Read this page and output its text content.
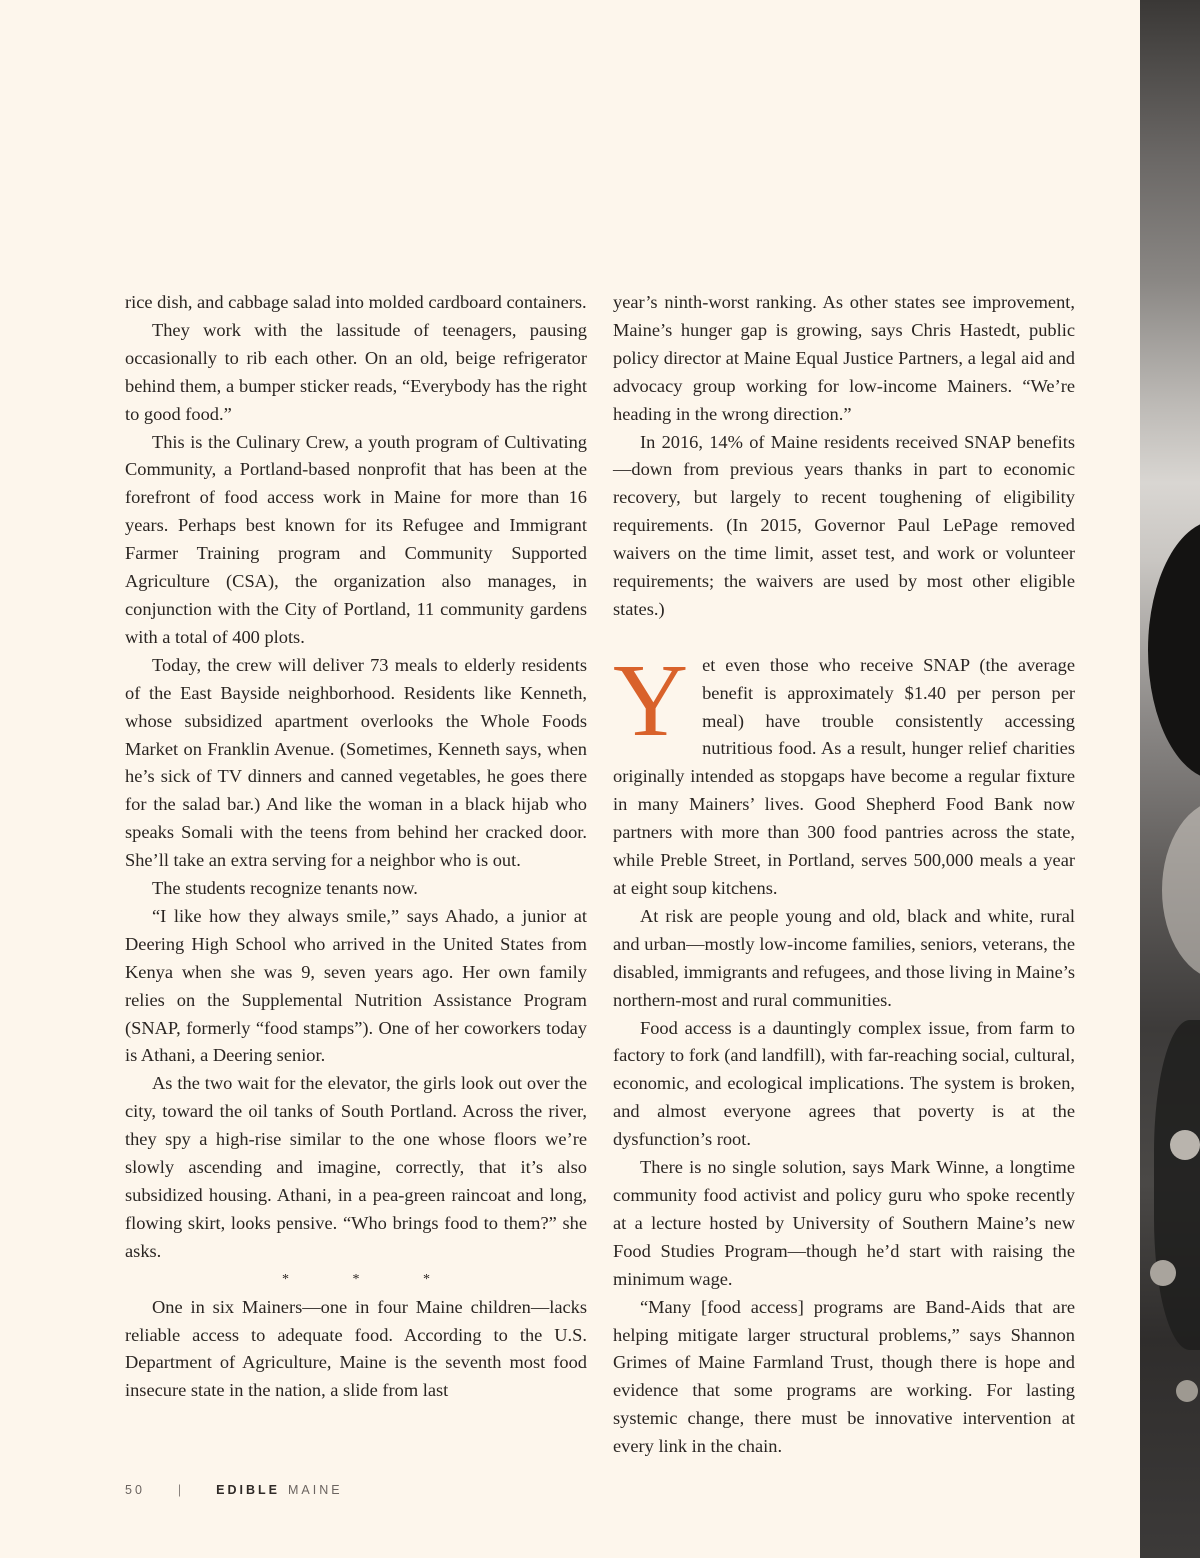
rice dish, and cabbage salad into molded cardboard containers.

They work with the lassitude of teenagers, pausing occasionally to rib each other. On an old, beige refrigerator behind them, a bumper sticker reads, “Everybody has the right to good food.”

This is the Culinary Crew, a youth program of Cultivating Community, a Portland-based nonprofit that has been at the forefront of food access work in Maine for more than 16 years. Perhaps best known for its Refugee and Immigrant Farmer Training program and Community Supported Agriculture (CSA), the organization also manages, in conjunction with the City of Portland, 11 community gardens with a total of 400 plots.

Today, the crew will deliver 73 meals to elderly residents of the East Bayside neighborhood. Residents like Kenneth, whose subsidized apartment overlooks the Whole Foods Market on Franklin Avenue. (Sometimes, Kenneth says, when he’s sick of TV dinners and canned vegetables, he goes there for the salad bar.) And like the woman in a black hijab who speaks Somali with the teens from behind her cracked door. She’ll take an extra serving for a neighbor who is out.

The students recognize tenants now.

“I like how they always smile,” says Ahado, a junior at Deering High School who arrived in the United States from Kenya when she was 9, seven years ago. Her own family relies on the Supplemental Nutrition Assistance Program (SNAP, formerly “food stamps”). One of her coworkers today is Athani, a Deering senior.

As the two wait for the elevator, the girls look out over the city, toward the oil tanks of South Portland. Across the river, they spy a high-rise similar to the one whose floors we’re slowly ascending and imagine, correctly, that it’s also subsidized housing. Athani, in a pea-green raincoat and long, flowing skirt, looks pensive. “Who brings food to them?” she asks.

* * *

One in six Mainers—one in four Maine children—lacks reliable access to adequate food. According to the U.S. Department of Agriculture, Maine is the seventh most food insecure state in the nation, a slide from last

year’s ninth-worst ranking. As other states see improvement, Maine’s hunger gap is growing, says Chris Hastedt, public policy director at Maine Equal Justice Partners, a legal aid and advocacy group working for low-income Mainers. “We’re heading in the wrong direction.”

In 2016, 14% of Maine residents received SNAP benefits—down from previous years thanks in part to economic recovery, but largely to recent toughening of eligibility requirements. (In 2015, Governor Paul LePage removed waivers on the time limit, asset test, and work or volunteer requirements; the waivers are used by most other eligible states.)

Yet even those who receive SNAP (the average benefit is approximately $1.40 per person per meal) have trouble consistently accessing nutritious food. As a result, hunger relief charities originally intended as stopgaps have become a regular fixture in many Mainers’ lives. Good Shepherd Food Bank now partners with more than 300 food pantries across the state, while Preble Street, in Portland, serves 500,000 meals a year at eight soup kitchens.

At risk are people young and old, black and white, rural and urban—mostly low-income families, seniors, veterans, the disabled, immigrants and refugees, and those living in Maine’s northern-most and rural communities.

Food access is a dauntingly complex issue, from farm to factory to fork (and landfill), with far-reaching social, cultural, economic, and ecological implications. The system is broken, and almost everyone agrees that poverty is at the dysfunction’s root.

There is no single solution, says Mark Winne, a longtime community food activist and policy guru who spoke recently at a lecture hosted by University of Southern Maine’s new Food Studies Program—though he’d start with raising the minimum wage.

“Many [food access] programs are Band-Aids that are helping mitigate larger structural problems,” says Shannon Grimes of Maine Farmland Trust, though there is hope and evidence that some programs are working. For lasting systemic change, there must be innovative intervention at every link in the chain.

50	|	EDIBLE MAINE
